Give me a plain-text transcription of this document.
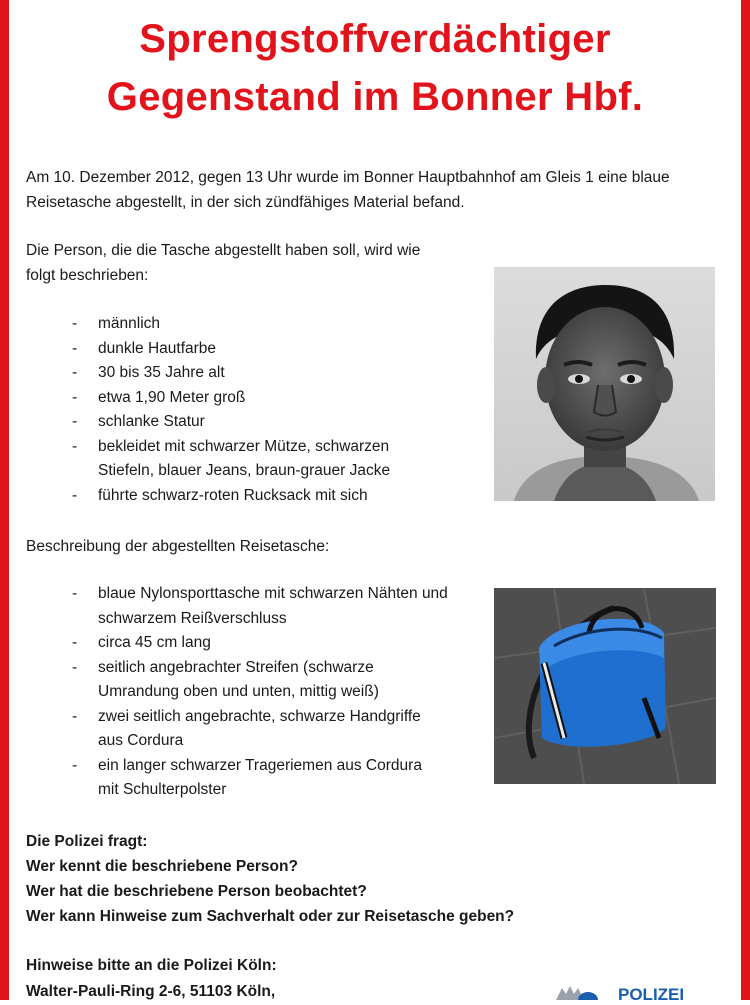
Sprengstoffverdächtiger
Gegenstand im Bonner Hbf.
Am 10. Dezember 2012, gegen 13 Uhr wurde im Bonner Hauptbahnhof am Gleis 1 eine blaue
Reisetasche abgestellt, in der sich zündfähiges Material befand.
Die Person, die die Tasche abgestellt haben soll, wird wie
folgt beschrieben:
- männlich
- dunkle Hautfarbe
- 30 bis 35 Jahre alt
- etwa 1,90 Meter groß
- schlanke Statur
- bekleidet mit schwarzer Mütze, schwarzen
Stiefeln, blauer Jeans, braun-grauer Jacke
- führte schwarz-roten Rucksack mit sich
Beschreibung der abgestellten Reisetasche:
- blaue Nylonsporttasche mit schwarzen Nähten und
schwarzem Reißverschluss
- circa 45 cm lang
- seitlich angebrachter Streifen (schwarze
Umrandung oben und unten, mittig weiß)
- zwei seitlich angebrachte, schwarze Handgriffe
aus Cordura
- ein langer schwarzer Trageriemen aus Cordura
mit Schulterpolster
Die Polizei fragt:
Wer kennt die beschriebene Person?
Wer hat die beschriebene Person beobachtet?
Wer kann Hinweise zum Sachverhalt oder zur Reisetasche geben?
Hinweise bitte an die Polizei Köln:
Walter-Pauli-Ring 2-6, 51103 Köln,	POLIZEI
